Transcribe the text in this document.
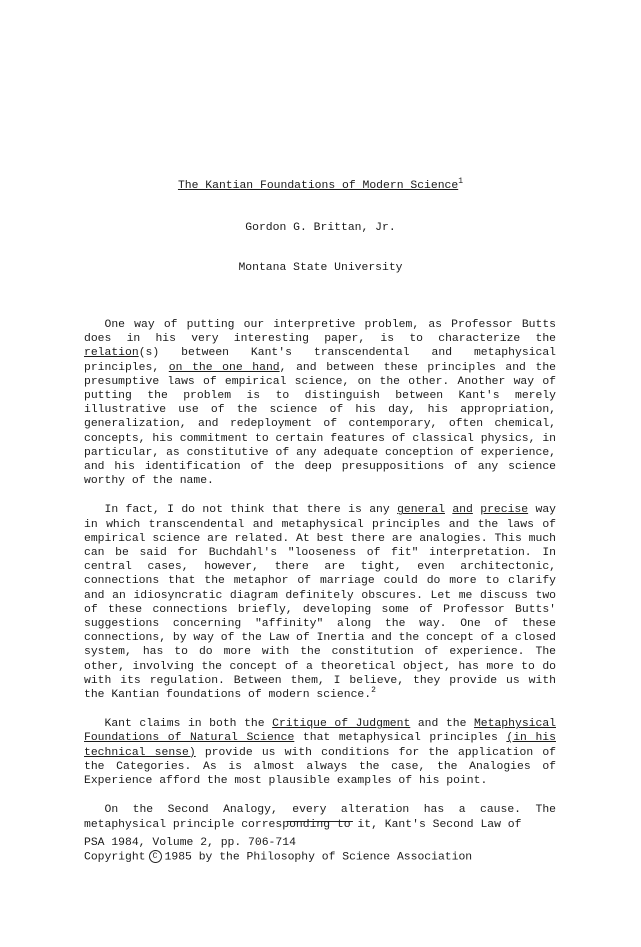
The Kantian Foundations of Modern Science$^1$
Gordon G. Brittan, Jr.
Montana State University

One way of putting our interpretive problem, as Professor Butts does in his very interesting paper, is to characterize the relation(s) between Kant's transcendental and metaphysical principles, on the one hand, and between these principles and the presumptive laws of empirical science, on the other. Another way of putting the problem is to distinguish between Kant's merely illustrative use of the science of his day, his appropriation, generalization, and redeployment of contemporary, often chemical, concepts, his commitment to certain features of classical physics, in particular, as constitutive of any adequate conception of experience, and his identification of the deep presuppositions of any science worthy of the name.

In fact, I do not think that there is any general and precise way in which transcendental and metaphysical principles and the laws of empirical science are related. At best there are analogies. This much can be said for Buchdahl's "looseness of fit" interpretation. In central cases, however, there are tight, even architectonic, connections that the metaphor of marriage could do more to clarify and an idiosyncratic diagram definitely obscures. Let me discuss two of these connections briefly, developing some of Professor Butts' suggestions concerning "affinity" along the way. One of these connections, by way of the Law of Inertia and the concept of a closed system, has to do more with the constitution of experience. The other, involving the concept of a theoretical object, has more to do with its regulation. Between them, I believe, they provide us with the Kantian foundations of modern science.$^2$

Kant claims in both the Critique of Judgment and the Metaphysical Foundations of Natural Science that metaphysical principles (in his technical sense) provide us with conditions for the application of the Categories. As is almost always the case, the Analogies of Experience afford the most plausible examples of his point.

On the Second Analogy, every alteration has a cause. The metaphysical principle corresponding to it, Kant's Second Law of

PSA 1984, Volume 2, pp. 706-714
Copyright C 1985 by the Philosophy of Science Association
